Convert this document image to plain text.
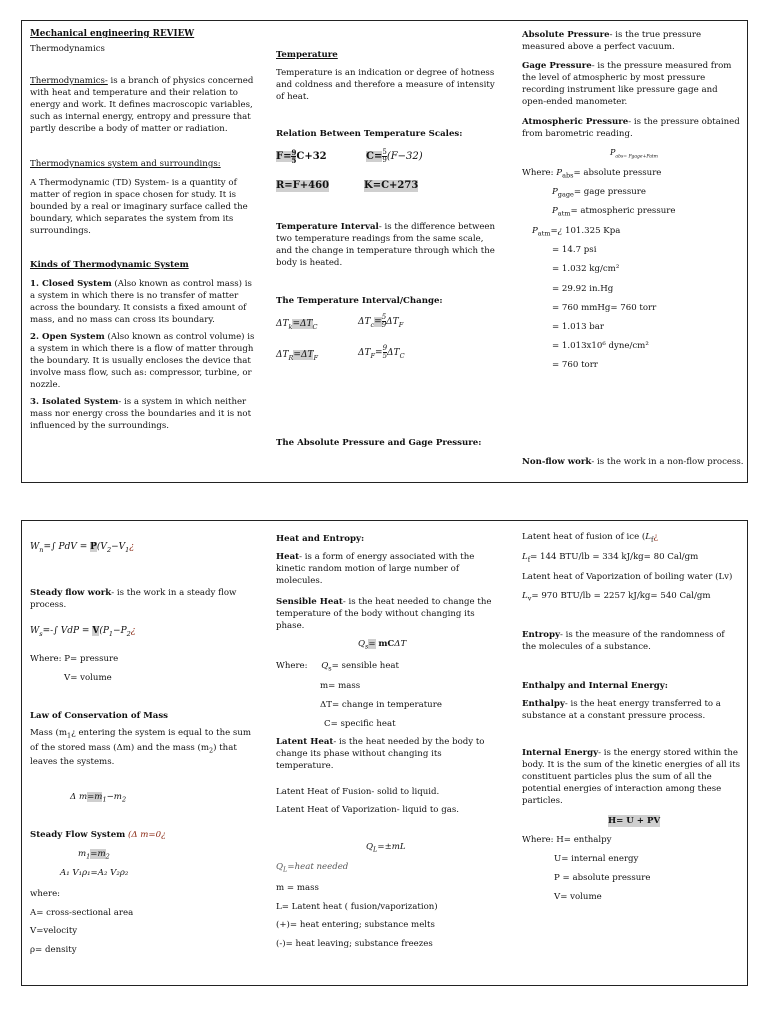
Mechanical engineering REVIEW

Thermodynamics

Thermodynamics- is a branch of physics concerned with heat and temperature and their relation to energy and work. It defines macroscopic variables, such as internal energy, entropy and pressure that partly describe a body of matter or radiation.

Thermodynamics system and surroundings:

A Thermodynamic (TD) System- is a quantity of matter of region in space chosen for study. It is bounded by a real or imaginary surface called the boundary, which separates the system from its surroundings.

Kinds of Thermodynamic System

1. Closed System (Also known as control mass) is a system in which there is no transfer of matter across the boundary. It consists a fixed amount of mass, and no mass can cross its boundary.

2. Open System (Also known as control volume) is a system in which there is a flow of matter through the boundary. It is usually encloses the device that involve mass flow, such as: compressor, turbine, or nozzle.

3. Isolated System- is a system in which neither mass nor energy cross the boundaries and it is not influenced by the surroundings.

Temperature

Temperature is an indication or degree of hotness and coldness and therefore a measure of intensity of heat.

Relation Between Temperature Scales:

$F= \frac{9}{5} C+32$	$C= \frac{5}{9} (F-32)$

R=F+460	K=C+273

Temperature Interval- is the difference between two temperature readings from the same scale, and the change in temperature through which the body is heated.

The Temperature Interval/Change:

$\Delta T_k=\Delta T_C$	$\Delta T_c= \frac{5}{9} \Delta T_F$
$\Delta T_R=\Delta T_F$	$\Delta T_F= \frac{9}{5} \Delta T_C$

The Absolute Pressure and Gage Pressure:

Absolute Pressure- is the true pressure measured above a perfect vacuum.

Gage Pressure- is the pressure measured from the level of atmospheric by most pressure recording instrument like pressure gage and open-ended manometer.

Atmospheric Pressure- is the pressure obtained from barometric reading.

$P_{abs= Pgage+Patm}$

Where: $P_{abs}=$ absolute pressure

$P_{gage}=$ gage pressure

$P_{atm}=$ atmospheric pressure

$P_{atm}=¿$ 101.325 Kpa

= 14.7 psi

= 1.032 kg/cm²

= 29.92 in.Hg

= 760 mmHg= 760 torr

= 1.013 bar

= 1.013x10⁶ dyne/cm²

= 760 torr

Non-flow work- is the work in a non-flow process.

$W_n=\int$ PdV = $P(V_2-V_1¿$

Steady flow work- is the work in a steady flow process.

$W_s=-\int$ VdP = $V(P_1-P_2¿$

Where: P= pressure

V= volume

Law of Conservation of Mass

Mass ($m_1¿$ entering the system is equal to the sum of the stored mass (Δm) and the mass $(m_2)$ that leaves the systems.

Δ $m=m_1-m_2$

Steady Flow System (Δ m=0¿

$m_1=m_2$

A₁ V₁ρ₁=A₂ V₂ρ₂

where:

A= cross-sectional area

V=velocity

ρ= density

Heat and Entropy:

Heat- is a form of energy associated with the kinetic random motion of large number of molecules.

Sensible Heat- is the heat needed to change the temperature of the body without changing its phase.

$Q_s= mC\Delta T$

Where: $Q_s=$ sensible heat

m= mass

ΔT= change in temperature

C= specific heat

Latent Heat- is the heat needed by the body to change its phase without changing its temperature.

Latent Heat of Fusion- solid to liquid.

Latent Heat of Vaporization- liquid to gas.

$Q_L=\pm mL$

$Q_L=heat$ needed

m = mass

L= Latent heat ( fusion/vaporization)

(+)= heat entering; substance melts

(-)= heat leaving; substance freezes

Latent heat of fusion of ice ($L_f¿$

$L_f= 144$ BTU/lb = 334 kJ/kg= 80 Cal/gm

Latent heat of Vaporization of boiling water (Lv)

$L_v= 970$ BTU/lb = 2257 kJ/kg= 540 Cal/gm

Entropy- is the measure of the randomness of the molecules of a substance.

Enthalpy and Internal Energy:

Enthalpy- is the heat energy transferred to a substance at a constant pressure process.

Internal Energy- is the energy stored within the body. It is the sum of the kinetic energies of all its constituent particles plus the sum of all the potential energies of interaction among these particles.

H= U + PV

Where: H= enthalpy

U= internal energy

P = absolute pressure

V= volume
